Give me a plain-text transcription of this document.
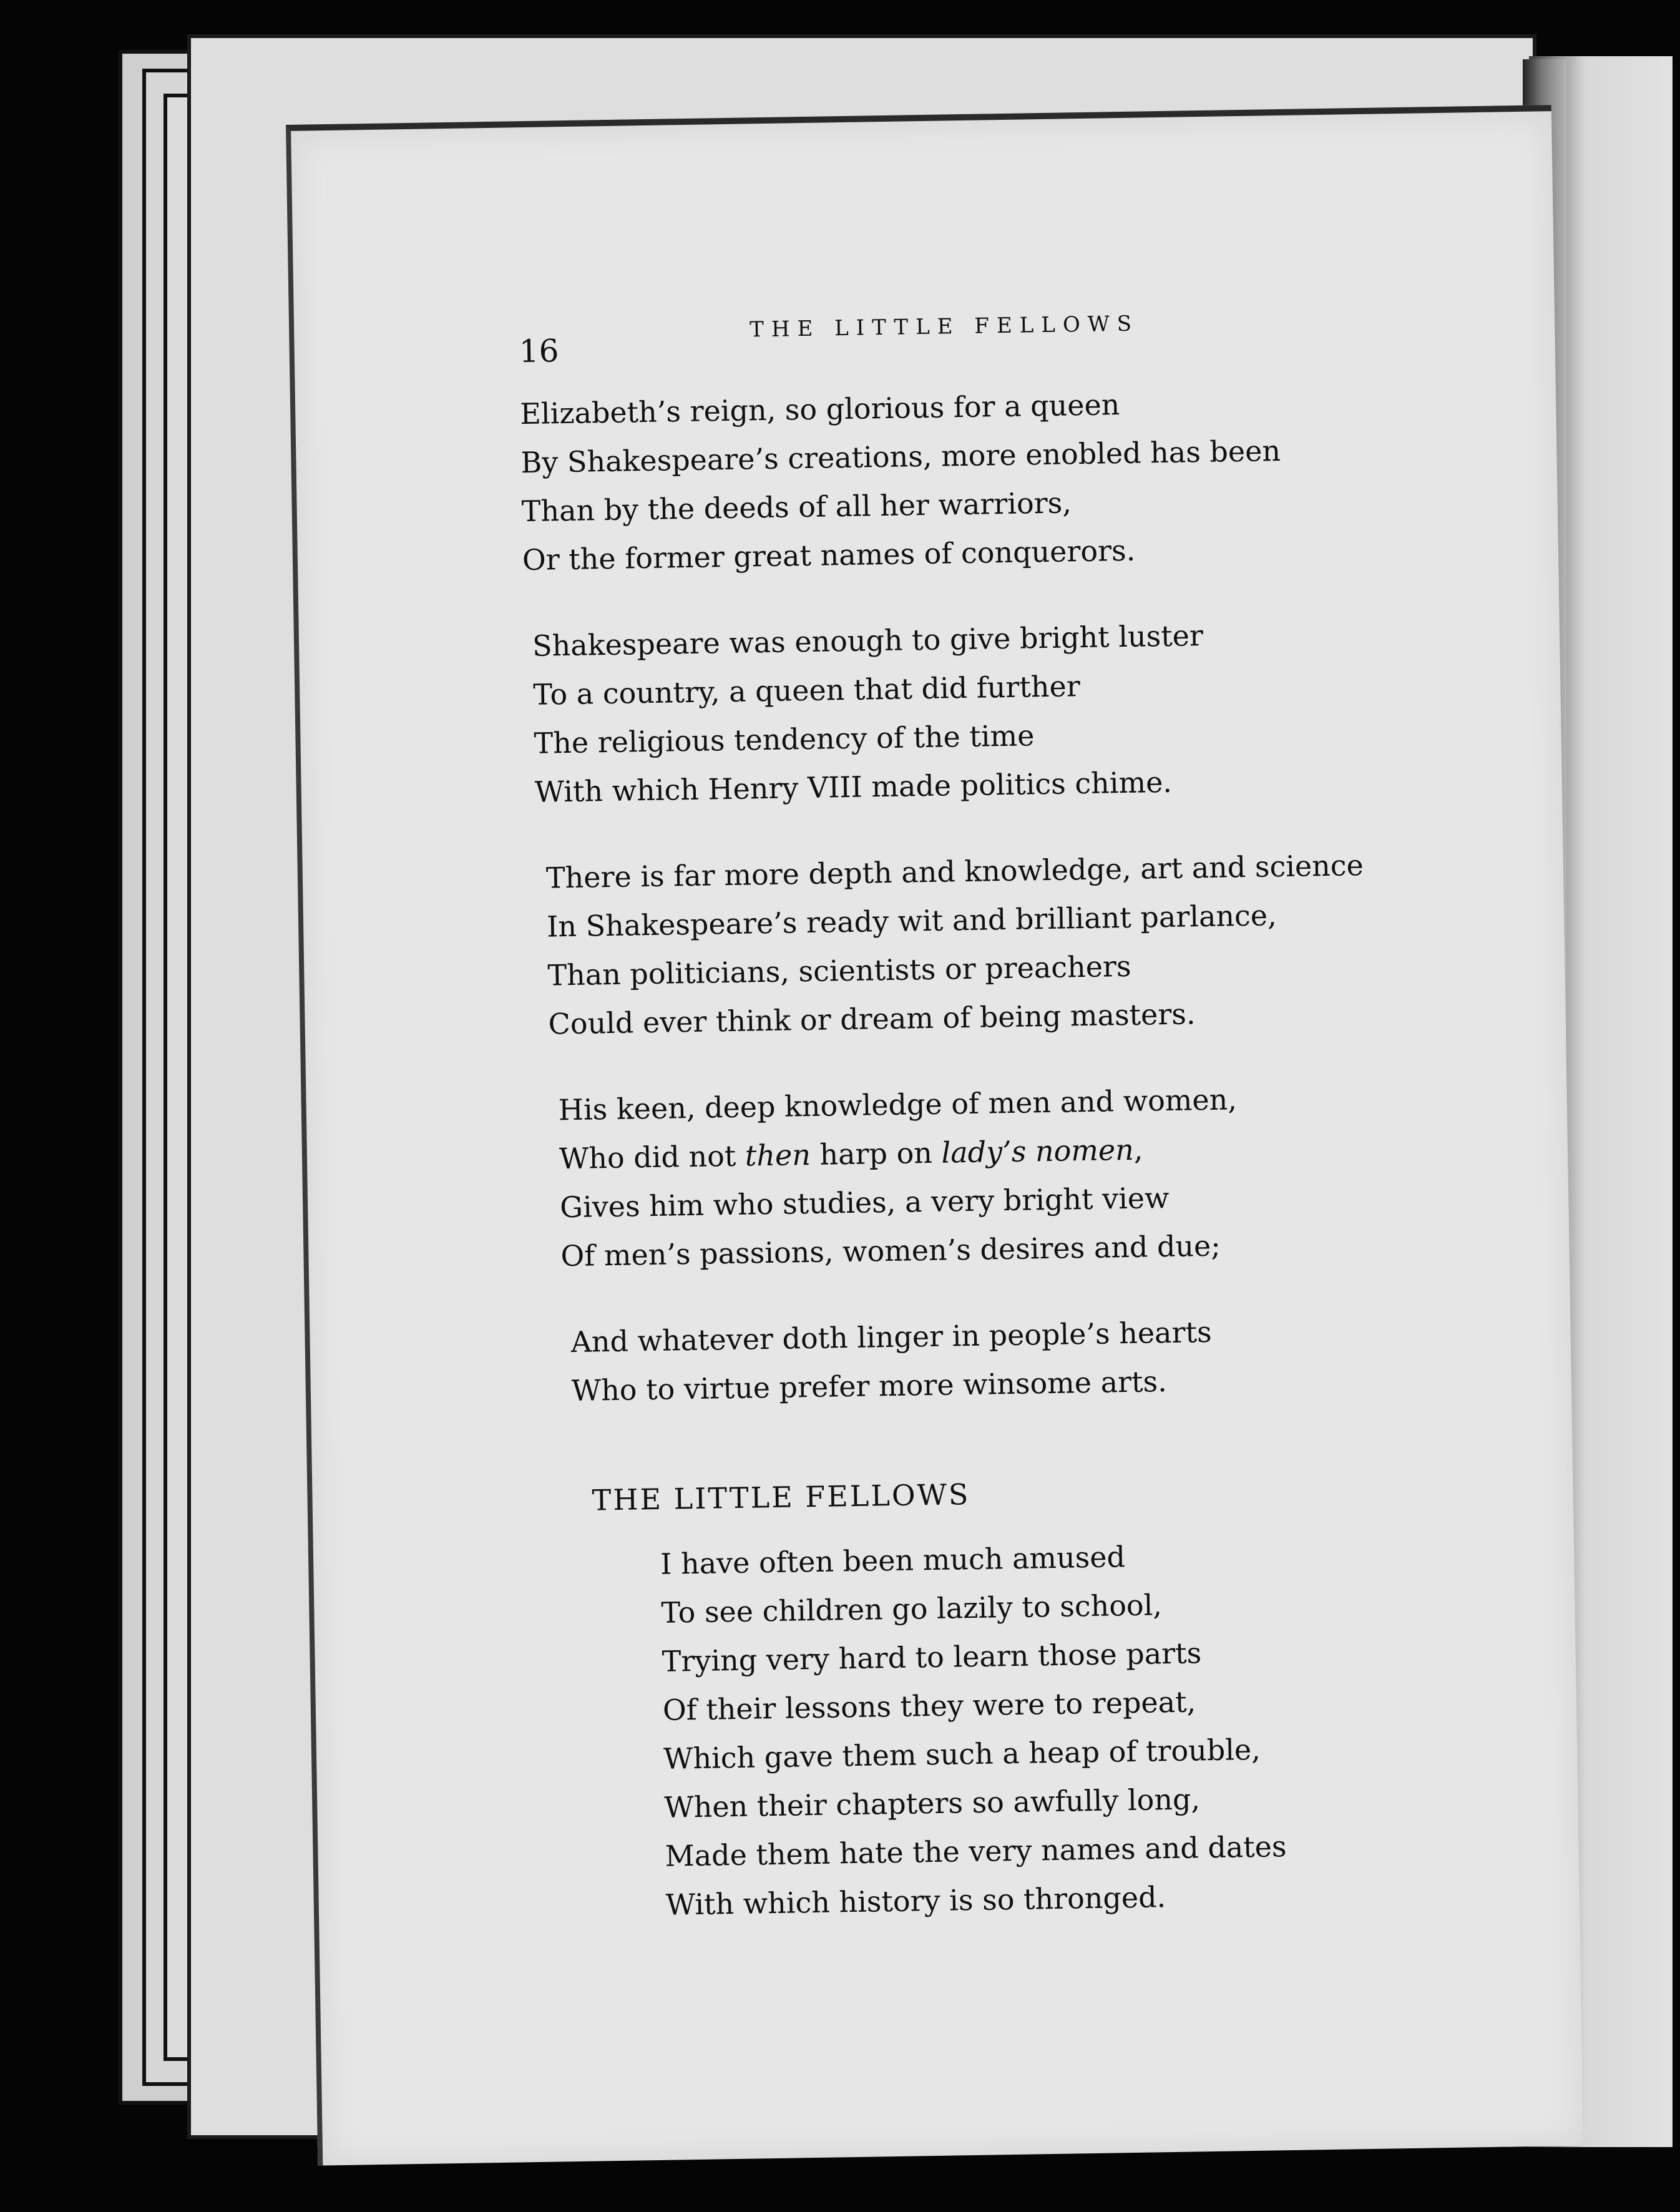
16
THE LITTLE FELLOWS
Elizabeth’s reign, so glorious for a queen
By Shakespeare’s creations, more enobled has been
Than by the deeds of all her warriors,
Or the former great names of conquerors.
Shakespeare was enough to give bright luster
To a country, a queen that did further
The religious tendency of the time
With which Henry VIII made politics chime.
There is far more depth and knowledge, art and science
In Shakespeare’s ready wit and brilliant parlance,
Than politicians, scientists or preachers
Could ever think or dream of being masters.
His keen, deep knowledge of men and women,
Who did not then harp on lady’s nomen,
Gives him who studies, a very bright view
Of men’s passions, women’s desires and due;
And whatever doth linger in people’s hearts
Who to virtue prefer more winsome arts.
THE LITTLE FELLOWS
I have often been much amused
To see children go lazily to school,
Trying very hard to learn those parts
Of their lessons they were to repeat,
Which gave them such a heap of trouble,
When their chapters so awfully long,
Made them hate the very names and dates
With which history is so thronged.
